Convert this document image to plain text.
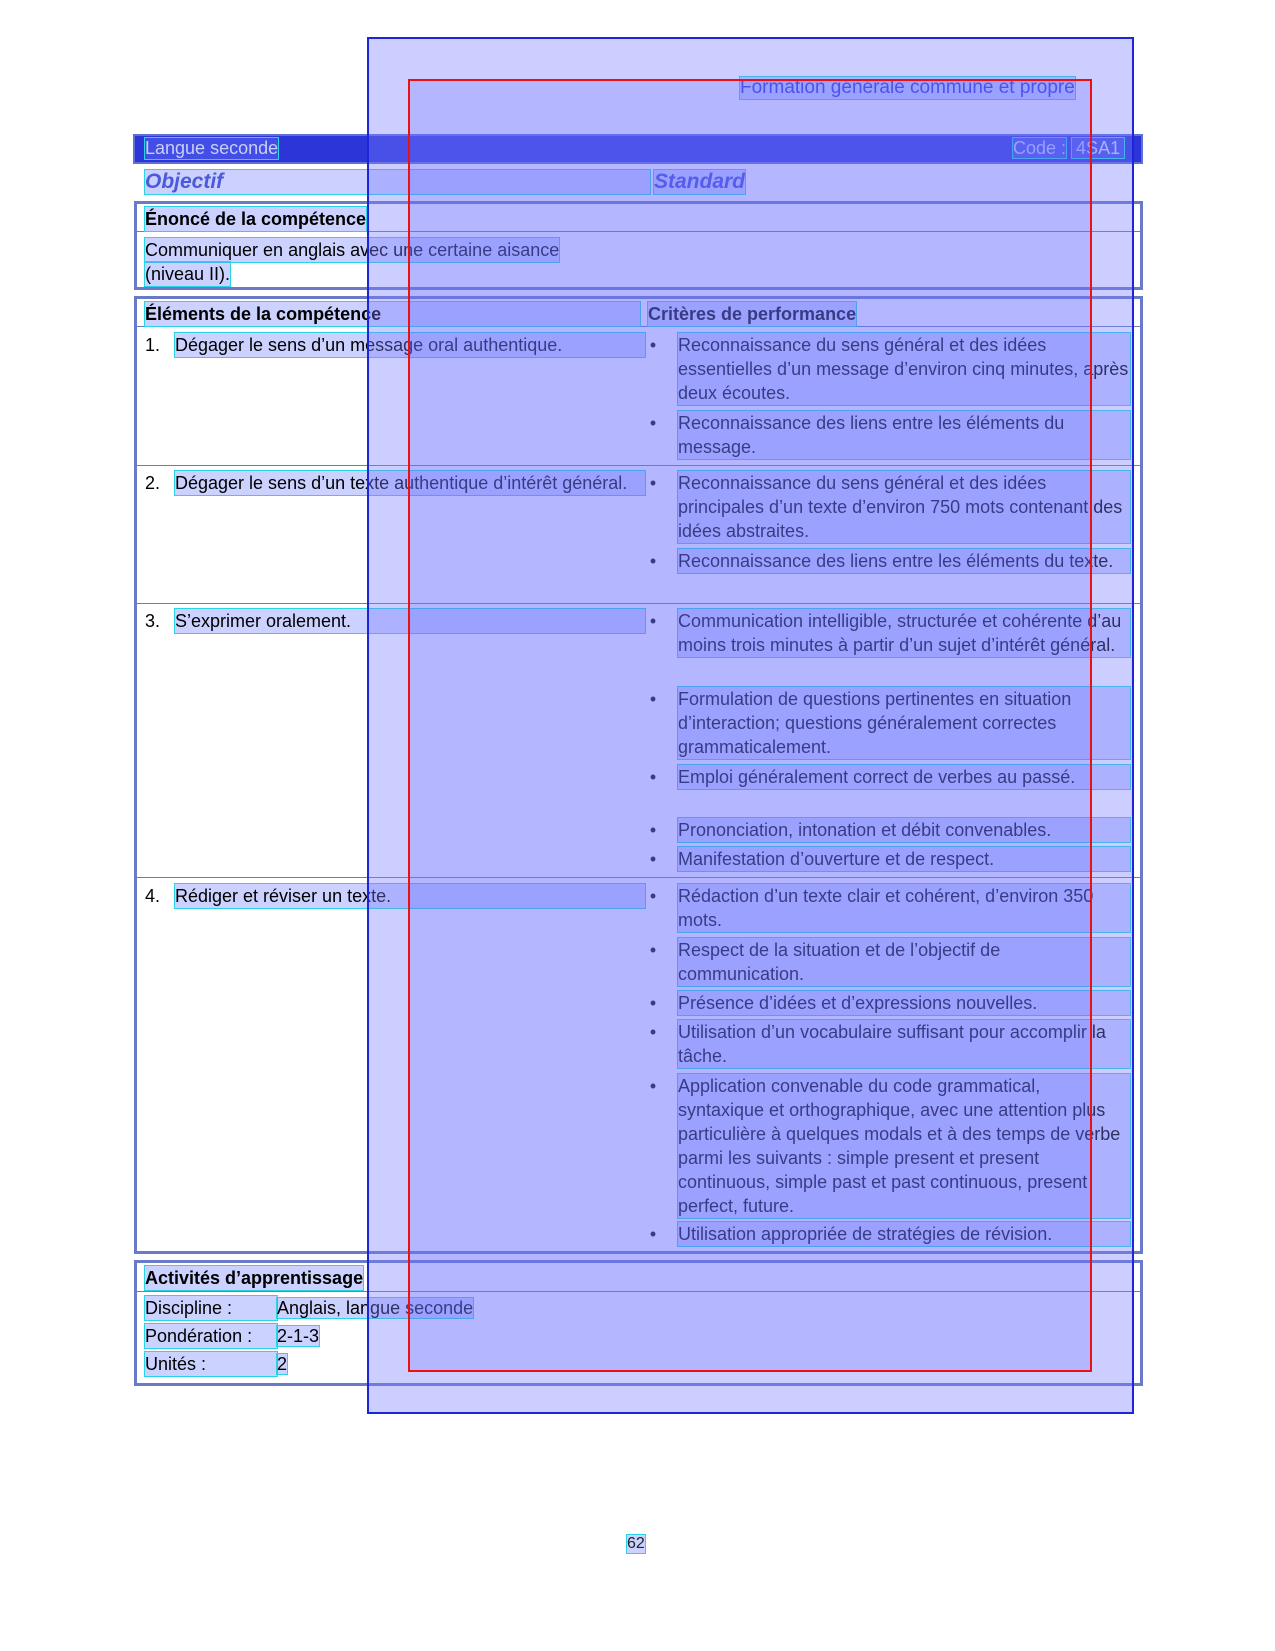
Formation générale commune et propre
Langue seconde	Code : 4SA1
Objectif	Standard
Énoncé de la compétence
Communiquer en anglais avec une certaine aisance
(niveau II).
Éléments de la compétence	Critères de performance
1. Dégager le sens d’un message oral authentique.	• Reconnaissance du sens général et des idées essentielles d’un message d’environ cinq minutes, après deux écoutes.
• Reconnaissance des liens entre les éléments du message.
2. Dégager le sens d’un texte authentique d’intérêt général.	• Reconnaissance du sens général et des idées principales d’un texte d’environ 750 mots contenant des idées abstraites.
• Reconnaissance des liens entre les éléments du texte.
3. S’exprimer oralement.	• Communication intelligible, structurée et cohérente d’au moins trois minutes à partir d’un sujet d’intérêt général.
• Formulation de questions pertinentes en situation d’interaction; questions généralement correctes grammaticalement.
• Emploi généralement correct de verbes au passé.
• Prononciation, intonation et débit convenables.
• Manifestation d’ouverture et de respect.
4. Rédiger et réviser un texte.	• Rédaction d’un texte clair et cohérent, d’environ 350 mots.
• Respect de la situation et de l’objectif de communication.
• Présence d’idées et d’expressions nouvelles.
• Utilisation d’un vocabulaire suffisant pour accomplir la tâche.
• Application convenable du code grammatical, syntaxique et orthographique, avec une attention plus particulière à quelques modals et à des temps de verbe parmi les suivants : simple present et present continuous, simple past et past continuous, present perfect, future.
• Utilisation appropriée de stratégies de révision.
Activités d’apprentissage
Discipline : Anglais, langue seconde
Pondération : 2-1-3
Unités :	2
62
